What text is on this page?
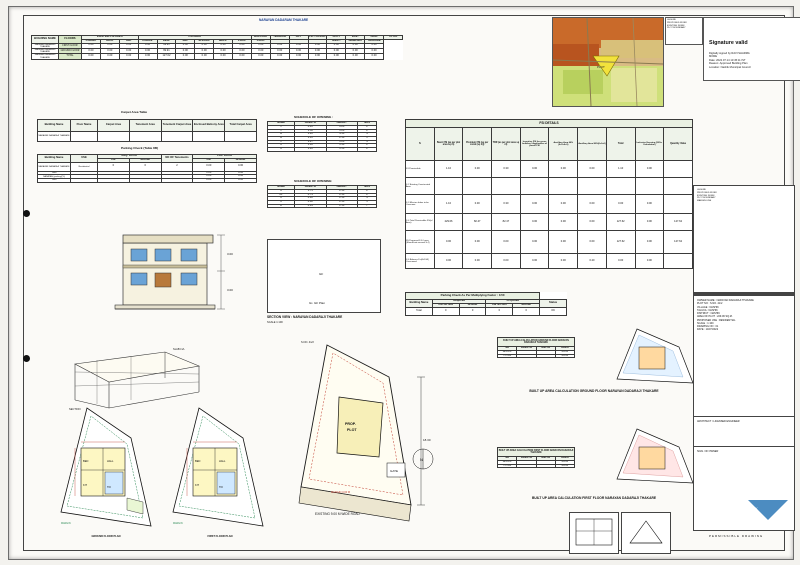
NARAYAN DADARAM THAKARE
BUILDING NAME	FLOORS	EXISTING FSI AREA			FSI AREA						BALCONY	TERRACE	LIFT	LIFT PASSG.	DUCT	VENT	Other	TOTAL
		CORRN.	RESI.	IND.	CORRN.	RESI.	IND.	SPECIAL	MEZZ.	PROP.	PROP.				SHAFT	Deduction	THAKARE	
NARAYAN DADARAJI THAKARE	FIRST FLOOR	0.00	0.00	0.00	0.00	69.91	0.00	0.00	0.00	0.00	0.00	0.00	0.00	0.00	0.00	0.00	0.00	
NARAYAN DADARAJI THAKARE	GROUND FLOOR	0.00	0.00	0.00	0.00	69.91	0.00	0.00	0.00	0.00	0.00	0.00	0.00	0.00	0.00	0.00	0.00	
NARAYAN DADARAJI THAKARE	TOTAL	0.00	0.00	0.00	0.00	127.62	0.00	0.00	0.00	0.00	0.00	0.00	0.00	0.00	0.00	0.00	0.00	
Carpet Area Table
Building Name	Floor Name	Carpet Area	Tenement Area	Tenement Carpet Area	Enclosed Balcony Area	Total Carpet Area
NARAYAN DADARAJI THAKARE						
Parking Check (Table 8B)
Building Name	USE	REQ. RATIO		NO OF Tenements	PRP. RATIO	
		Car	Scooter		Car	Scooter
NARAYAN DADARAJI THAKARE	Residential	0	0	2	0.00	0.00
Total					0.00	0.00
NARAYAN (parking)(%)					0.00	0.00
Total					0.00	0.00
SCHEDULE OF OPENING :
NAME	LENGTH	HEIGHT	NOS
v	0.40	0.80	2
v	1.50	1.20	2
w	1.40	4.30	4
w	1.10	2.10	1
x	1.47	1.20	4
d	1.30	1.30	2
d	1.40	1.50	2
SCHEDULE OF OPENING:
NAME	LENGTH	HEIGHT	NOS
d	1.75	2.10	2
d1	0.74	2.10	2
d	0.90	2.10	4
d	0.80	2.10	5
D	0.94	2.10	7
FSI DETAILS									
S	Basic FSI (as per plot area sq m)	Premium FSI (as per zonal (sq m))	TDR (as per plot area sq m)	Incentive FSI for green building / Application of parcel FSI	Ancillary Area 60%(0+0+0+0)	Ancillary Area 80%(0+0+0)	Total	Inclusive Housing (20%+ Calculation)	Quantity Value
S1 Permissible	1.10	0.30	0.30	0.00	0.00	0.00	1.10	0.00	
S 2 Existing Constructed Area									
S 3 Mission Index to be Consume	1.10	0.30	0.30	0.00	0.00	0.00	0.00	0.00	
S 4 Total Permissible FS(of Area)	229.06	82.47	82.47	0.00	0.00	0.00	127.62	0.00	127.62
S5 Proposed F.S.I area (Should not exceed S 4)	0.00	0.00	0.00	0.00	0.00	0.00	127.62	0.00	127.62
S 6 Balance Fsi(S4-S5) Consumed	0.00	0.00	0.00	0.00	0.00	0.20	0.00	0.00	
Parking Check As Per Multiplying Factor : 0.50					
Building Name	Required		Proposed		Status
	Car No Nos	Scooter	Car No Nos	Scooter	
Total	0	0	0	0	OK
PLOT
LEGEND
PROPOSED WORK
EXISTING WORK
PLOT BOUNDARY
Signature valid
Digitally signed by RAVI SHARMA
MORE
Date: 2022.07.14 13:45:11 IST
Reason: Approved Building Plan
Location: Nashik Municipal Council
3.00
3.00
SLAB LVL
SECTION
GF
G/- GF Plan
SECTION VIEW : NARAYAN DADARAJI THAKARE
SCALE 1:100
PROP.
PLOT
GATE
EXISTING 9.00 M WIDE ROAD
MARGIN 3.00 M
18.30
N
S.NO. 41/2
BED	HALL
KIT
TOI
MARGIN
GROUND FLOOR PLAN
BED	HALL
KIT
TOI
MARGIN
FIRST FLOOR PLAN
BUILT UP AREA CALCULATION GROUND FLOOR NARAYAN DADARAJI THAKARE			
SR	LENGTH	WIDTH	AREA
BLOCK			69.91
TOTAL			69.91
BUILT UP AREA CALCULATION GROUND FLOOR NARAYAN DADARAJI THAKARE
BUILT UP AREA CALCULATION FIRST FLOOR NARAYAN DADARAJI THAKARE			
SR	LENGTH	WIDTH	AREA
BLOCK			69.91
TOTAL			69.91
BUILT UP AREA CALCULATION FIRST FLOOR NARAYAN DADARAJI THAKARE
OWNER NAME : NARAYAN DADARAJI THAKARE
PLOT NO : S.NO. 41/2
VILLAGE : NASHIK
TALUKA : NASHIK
DISTRICT : NASHIK
AREA OF PLOT : 229.06 SQ.M.
PROPOSED USE : RESIDENTIAL
SCALE : 1:100
DRAWING NO : 01
DATE : 14/07/2022
ARCHITECT / LICENSED ENGINEER
SIGN. OF OWNER
OK
PERMISSIBLE DRAWING
LEGEND
PROPOSED WORK
EXISTING WORK
PLOT BOUNDARY
MARGIN LINE
